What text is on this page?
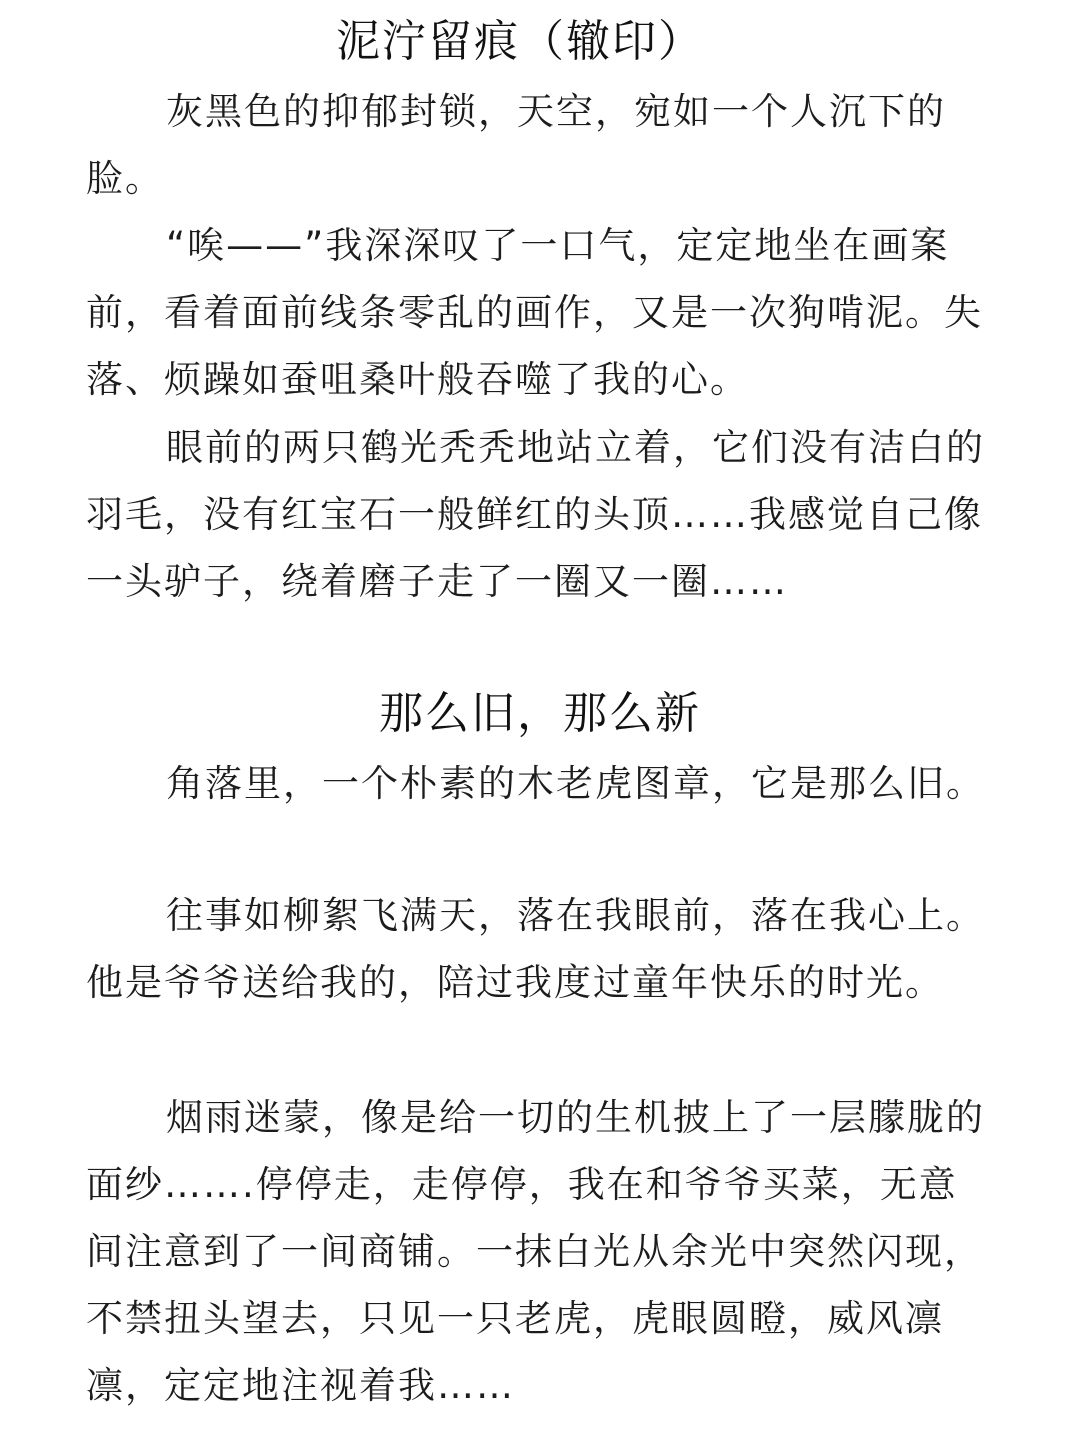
泥泞留痕（辙印）
灰黑色的抑郁封锁，天空，宛如一个人沉下的脸。
“唉——”我深深叹了一口气，定定地坐在画案前，看着面前线条零乱的画作，又是一次狗啃泥。失落、烦躁如蚕咀桑叶般吞噬了我的心。
眼前的两只鹤光秃秃地站立着，它们没有洁白的羽毛，没有红宝石一般鲜红的头顶……我感觉自己像一头驴子，绕着磨子走了一圈又一圈……
那么旧，那么新
角落里，一个朴素的木老虎图章，它是那么旧。
往事如柳絮飞满天，落在我眼前，落在我心上。他是爷爷送给我的，陪过我度过童年快乐的时光。
烟雨迷蒙，像是给一切的生机披上了一层朦胧的面纱…….停停走，走停停，我在和爷爷买菜，无意间注意到了一间商铺。一抹白光从余光中突然闪现，不禁扭头望去，只见一只老虎，虎眼圆瞪，威风凛凛，定定地注视着我……
